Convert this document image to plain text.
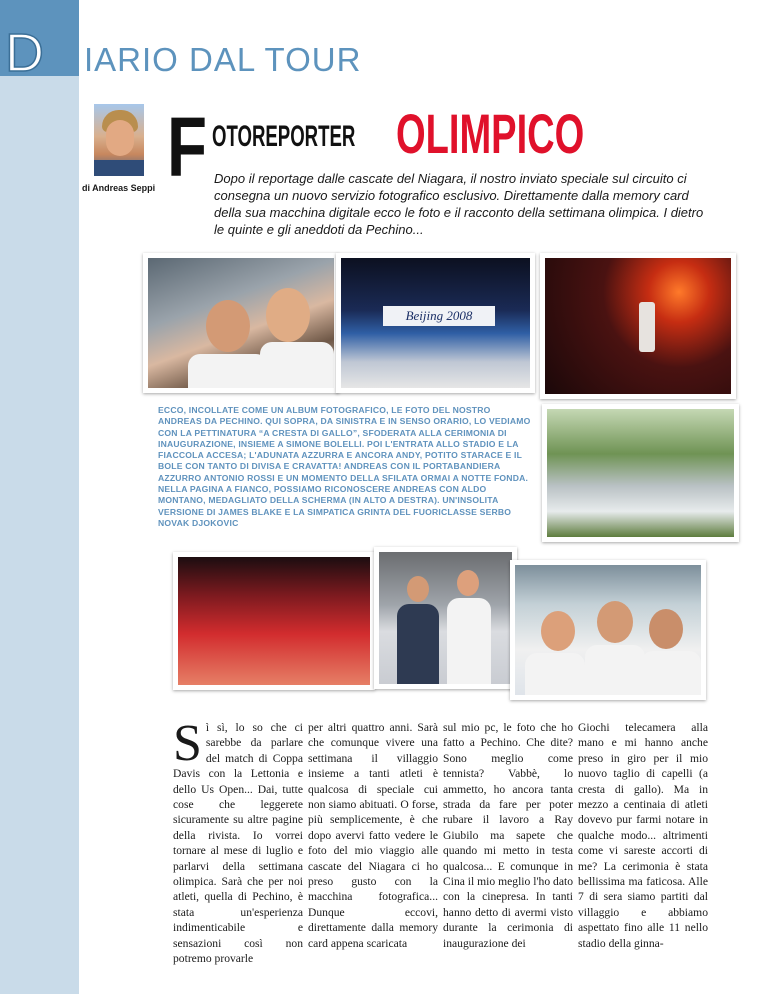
D IARIO DAL TOUR
di Andreas Seppi F OTOREPORTER OLIMPICO

Dopo il reportage dalle cascate del Niagara, il nostro inviato speciale sul circuito ci consegna un nuovo servizio fotografico esclusivo. Direttamente dalla memory card della sua macchina digitale ecco le foto e il racconto della settimana olimpica. I dietro le quinte e gli aneddoti da Pechino...

Beijing 2008

ECCO, INCOLLATE COME UN ALBUM FOTOGRAFICO, LE FOTO DEL NOSTRO ANDREAS DA PECHINO. QUI SOPRA, DA SINISTRA E IN SENSO ORARIO, LO VEDIAMO CON LA PETTINATURA “A CRESTA DI GALLO”, SFODERATA ALLA CERIMONIA DI INAUGURAZIONE, INSIEME A SIMONE BOLELLI. POI L'ENTRATA ALLO STADIO E LA FIACCOLA ACCESA; L'ADUNATA AZZURRA E ANCORA ANDY, POTITO STARACE E IL BOLE CON TANTO DI DIVISA E CRAVATTA! ANDREAS CON IL PORTABANDIERA AZZURRO ANTONIO ROSSI E UN MOMENTO DELLA SFILATA ORMAI A NOTTE FONDA. NELLA PAGINA A FIANCO, POSSIAMO RICONOSCERE ANDREAS CON ALDO MONTANO, MEDAGLIATO DELLA SCHERMA (IN ALTO A DESTRA). UN'INSOLITA VERSIONE DI JAMES BLAKE E LA SIMPATICA GRINTA DEL FUORICLASSE SERBO NOVAK DJOKOVIC

S ì sì, lo so che ci sarebbe da parlare del match di Coppa Davis con la Lettonia e dello Us Open... Dai, tutte cose che leggerete sicuramente su altre pagine della rivista. Io vorrei tornare al mese di luglio e parlarvi della settimana olimpica. Sarà che per noi atleti, quella di Pechino, è stata un'esperienza indimenticabile e sensazioni così non potremo provarle

per altri quattro anni. Sarà che comunque vivere una settimana il villaggio insieme a tanti atleti è qualcosa di speciale cui non siamo abituati. O forse, più semplicemente, è che dopo avervi fatto vedere le foto del mio viaggio alle cascate del Niagara ci ho preso gusto con la macchina fotografica... Dunque eccovi, direttamente dalla memory card appena scaricata

sul mio pc, le foto che ho fatto a Pechino. Che dite? Sono meglio come tennista? Vabbè, lo ammetto, ho ancora tanta strada da fare per poter rubare il lavoro a Ray Giubilo ma sapete che quando mi metto in testa qualcosa... E comunque in Cina il mio meglio l'ho dato con la cinepresa. In tanti hanno detto di avermi visto durante la cerimonia di inaugurazione dei

Giochi telecamera alla mano e mi hanno anche preso in giro per il mio nuovo taglio di capelli (a cresta di gallo). Ma in mezzo a centinaia di atleti dovevo pur farmi notare in qualche modo... altrimenti come vi sareste accorti di me? La cerimonia è stata bellissima ma faticosa. Alle 7 di sera siamo partiti dal villaggio e abbiamo aspettato fino alle 11 nello stadio della ginna-
